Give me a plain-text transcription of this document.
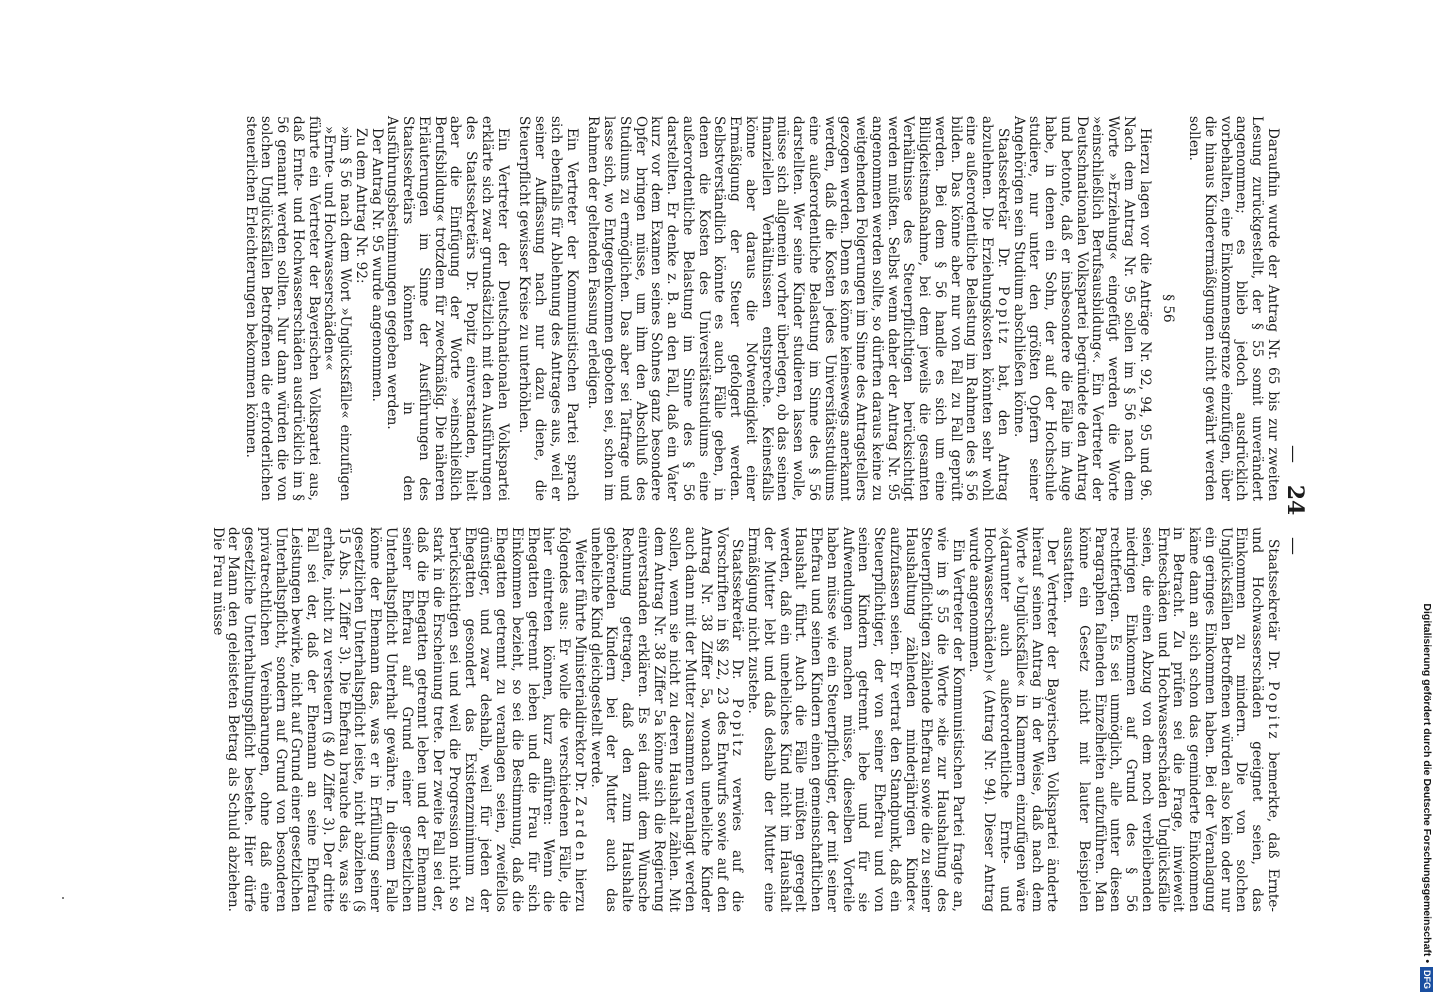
— 24 —

Daraufhin wurde der Antrag Nr. 65 bis zur zweiten Lesung zurückgestellt, der § 55 somit unverändert angenommen; es blieb jedoch ausdrücklich vorbehalten, eine Einkommensgrenze einzufügen, über die hinaus Kinderermäßigungen nicht gewährt werden sollen.

§ 56

Hierzu lagen vor die Anträge Nr. 92, 94, 95 und 96. Nach dem Antrag Nr. 95 sollen im § 56 nach dem Worte »Erziehung« eingefügt werden die Worte »einschließlich Berufsausbildung«. Ein Vertreter der Deutschnationalen Volkspartei begründete den Antrag und betonte, daß er insbesondere die Fälle im Auge habe, in denen ein Sohn, der auf der Hochschule studiere, nur unter den größten Opfern seiner Angehörigen sein Studium abschließen könne.

Staatssekretär Dr. Popitz bat, den Antrag abzulehnen. Die Erziehungskosten könnten sehr wohl eine außerordentliche Belastung im Rahmen des § 56 bilden. Das könne aber nur von Fall zu Fall geprüft werden. Bei dem § 56 handle es sich um eine Billigkeitsmaßnahme, bei dem jeweils die gesamten Verhältnisse des Steuerpflichtigen berücksichtigt werden müßten. Selbst wenn daher der Antrag Nr. 95 angenommen werden sollte, so dürften daraus keine zu weitgehenden Folgerungen im Sinne des Antragstellers gezogen werden. Denn es könne keineswegs anerkannt werden, daß die Kosten jedes Universitätsstudiums eine außerordentliche Belastung im Sinne des § 56 darstellten. Wer seine Kinder studieren lassen wolle, müsse sich allgemein vorher überlegen, ob das seinen finanziellen Verhältnissen entspreche. Keinesfalls könne aber daraus die Notwendigkeit einer Ermäßigung der Steuer gefolgert werden. Selbstverständlich könnte es auch Fälle geben, in denen die Kosten des Universitätsstudiums eine außerordentliche Belastung im Sinne des § 56 darstellten. Er denke z. B. an den Fall, daß ein Vater kurz vor dem Examen seines Sohnes ganz besondere Opfer bringen müsse, um ihm den Abschluß des Studiums zu ermöglichen. Das aber sei Tatfrage und lasse sich, wo Entgegenkommen geboten sei, schon im Rahmen der geltenden Fassung erledigen.

Ein Vertreter der Kommunistischen Partei sprach sich ebenfalls für Ablehnung des Antrages aus, weil er seiner Auffassung nach nur dazu diene, die Steuerpflicht gewisser Kreise zu unterhöhlen.

Ein Vertreter der Deutschnationalen Volkspartei erklärte sich zwar grundsätzlich mit den Ausführungen des Staatssekretärs Dr. Popitz einverstanden, hielt aber die Einfügung der Worte »einschließlich Berufsbildung« trotzdem für zweckmäßig. Die näheren Erläuterungen im Sinne der Ausführungen des Staatssekretärs könnten in den Ausführungsbestimmungen gegeben werden.

Der Antrag Nr. 95 wurde angenommen.

Zu dem Antrag Nr. 92:

»im § 56 nach dem Wort »Unglücksfälle« einzufügen »Ernte- und Hochwasserschäden««

führte ein Vertreter der Bayerischen Volkspartei aus, daß Ernte- und Hochwasserschäden ausdrücklich im § 56 genannt werden sollten. Nur dann würden die von solchen Unglücksfällen Betroffenen die erforderlichen steuerlichen Erleichterungen bekommen können.

Staatssekretär Dr. Popitz bemerkte, daß Ernte- und Hochwasserschäden geeignet seien, das Einkommen zu mindern. Die von solchen Unglücksfällen Betroffenen würden also kein oder nur ein geringes Einkommen haben. Bei der Veranlagung käme dann an sich schon das geminderte Einkommen in Betracht. Zu prüfen sei die Frage, inwieweit Ernteschäden und Hochwasserschäden Unglücksfälle seien, die einen Abzug von dem noch verbleibenden niedrigen Einkommen auf Grund des § 56 rechtfertigen. Es sei unmöglich, alle unter diesen Paragraphen fallenden Einzelheiten aufzuführen. Man könne ein Gesetz nicht mit lauter Beispielen ausstatten.

Der Vertreter der Bayerischen Volkspartei änderte hierauf seinen Antrag in der Weise, daß nach dem Worte »Unglücksfälle« in Klammern einzufügen wäre »(darunter auch außerordentliche Ernte- und Hochwasserschäden)« (Antrag Nr. 94). Dieser Antrag wurde angenommen.

Ein Vertreter der Kommunistischen Partei fragte an, wie im § 55 die Worte »die zur Haushaltung des Steuerpflichtigen zählende Ehefrau sowie die zu seiner Haushaltung zählenden minderjährigen Kinder« aufzufassen seien. Er vertrat den Standpunkt, daß ein Steuerpflichtiger, der von seiner Ehefrau und von seinen Kindern getrennt lebe und für sie Aufwendungen machen müsse, dieselben Vorteile haben müsse wie ein Steuerpflichtiger, der mit seiner Ehefrau und seinen Kindern einen gemeinschaftlichen Haushalt führt. Auch die Fälle müßten geregelt werden, daß ein uneheliches Kind nicht im Haushalt der Mutter lebt und daß deshalb der Mutter eine Ermäßigung nicht zustehe.

Staatssekretär Dr. Popitz verwies auf die Vorschriften in §§ 22, 23 des Entwurfs sowie auf den Antrag Nr. 38 Ziffer 5a, wonach uneheliche Kinder auch dann mit der Mutter zusammen veranlagt werden sollen, wenn sie nicht zu deren Haushalt zählen. Mit dem Antrag Nr. 38 Ziffer 5a könne sich die Regierung einverstanden erklären. Es sei damit dem Wunsche Rechnung getragen, daß den zum Haushalte gehörenden Kindern bei der Mutter auch das uneheliche Kind gleichgestellt werde.

Weiter führte Ministerialdirektor Dr. Zarden hierzu folgendes aus: Er wolle die verschiedenen Fälle, die hier eintreten können, kurz anführen: Wenn die Ehegatten getrennt leben und die Frau für sich Einkommen bezieht, so sei die Bestimmung, daß die Ehegatten getrennt zu veranlagen seien, zweifellos günstiger, und zwar deshalb, weil für jeden der Ehegatten gesondert das Existenzminimum zu berücksichtigen sei und weil die Progression nicht so stark in die Erscheinung trete. Der zweite Fall sei der, daß die Ehegatten getrennt leben und der Ehemann seiner Ehefrau auf Grund einer gesetzlichen Unterhaltspflicht Unterhalt gewähre. In diesem Falle könne der Ehemann das, was er in Erfüllung seiner gesetzlichen Unterhaltspflicht leiste, nicht abziehen (§ 15 Abs. 1 Ziffer 3). Die Ehefrau brauche das, was sie erhalte, nicht zu versteuern (§ 40 Ziffer 3). Der dritte Fall sei der, daß der Ehemann an seine Ehefrau Leistungen bewirke, nicht auf Grund einer gesetzlichen Unterhaltspflicht, sondern auf Grund von besonderen privatrechtlichen Vereinbarungen, ohne daß eine gesetzliche Unterhaltungspflicht bestehe. Hier dürfe der Mann den geleisteten Betrag als Schuld abziehen. Die Frau müsse

Digitalisierung gefördert durch die Deutsche Forschungsgemeinschaft •DFG
